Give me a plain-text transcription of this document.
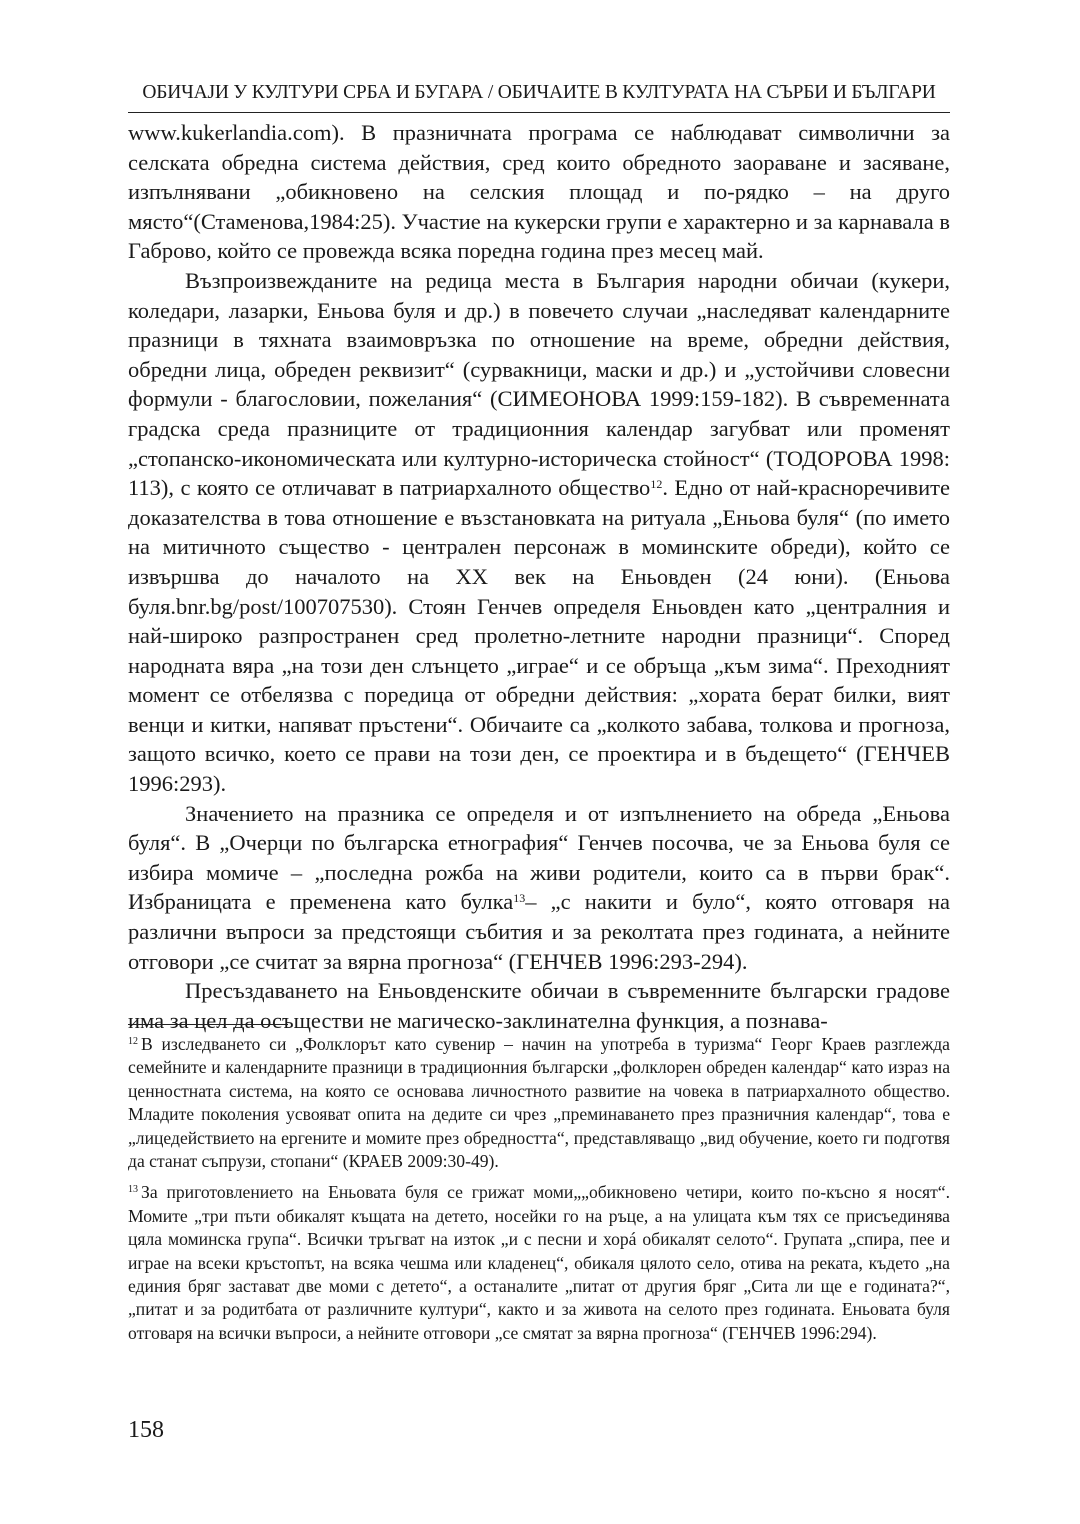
ОБИЧАЈИ У КУЛТУРИ СРБА И БУГАРА / ОБИЧАИТЕ В КУЛТУРАТА НА СЪРБИ И БЪЛГАРИ

www.kukerlandia.com). В празничната програма се наблюдават символични за селската обредна система действия, сред които обредното заораване и засяване, изпълнявани „обикновено на селския площад и по-рядко – на друго място“(Стаменова,1984:25). Участие на кукерски групи е характерно и за карнавала в Габрово, който се провежда всяка поредна година през месец май.

Възпроизвежданите на редица места в България народни обичаи (кукери, коледари, лазарки, Еньова буля и др.) в повечето случаи „наследяват календарните празници в тяхната взаимовръзка по отношение на време, обредни действия, обредни лица, обреден реквизит“ (сурвакници, маски и др.) и „устойчиви словесни формули - благословии, пожелания“ (СИМЕОНОВА 1999:159-182). В съвременната градска среда празниците от традиционния календар загубват или променят „стопанско-икономическата или културно-историческа стойност“ (ТОДОРОВА 1998: 113), с която се отличават в патриархалното общество$^{12}$. Едно от най-красноречивите доказателства в това отношение е възстановката на ритуала „Еньова буля“ (по името на митичното същество - централен персонаж в моминските обреди), който се извършва до началото на XX век на Еньовден (24 юни). (Еньова буля.bnr.bg/post/100707530). Стоян Генчев определя Еньовден като „централния и най-широко разпространен сред пролетно-летните народни празници“. Според народната вяра „на този ден слънцето „играе“ и се обръща „към зима“. Преходният момент се отбелязва с поредица от обредни действия: „хората берат билки, вият венци и китки, напяват пръстени“. Обичаите са „колкото забава, толкова и прогноза, защото всичко, което се прави на този ден, се проектира и в бъдещето“ (ГЕНЧЕВ 1996:293).

Значението на празника се определя и от изпълнението на обреда „Еньова буля“. В „Очерци по българска етнография“ Генчев посочва, че за Еньова буля се избира момиче – „последна рожба на живи родители, които са в първи брак“. Избраницата е пременена като булка$^{13}$– „с накити и було“, която отговаря на различни въпроси за предстоящи събития и за реколтата през годината, а нейните отговори „се считат за вярна прогноза“ (ГЕНЧЕВ 1996:293-294).

Пресъздаването на Еньовденските обичаи в съвременните български градове има за цел да осъществи не магическо-заклинателна функция, а познава-

$^{12}$ В изследването си „Фолклорът като сувенир – начин на употреба в туризма“ Георг Краев разглежда семейните и календарните празници в традиционния български „фолклорен обреден календар“ като израз на ценностната система, на която се основава личностното развитие на човека в патриархалното общество. Младите поколения усвояват опита на дедите си чрез „преминаването през празничния календар“, това е „лицедействието на ергените и момите през обредността“, представляващо „вид обучение, което ги подготвя да станат съпрузи, стопани“ (КРАЕВ 2009:30-49).

$^{13}$ За приготовлението на Еньовата буля се грижат моми„„обикновено четири, които по-късно я носят“. Момите „три пъти обикалят къщата на детето, носейки го на ръце, а на улицата към тях се присъединява цяла моминска група“. Всички тръгват на изток „и с песни и хорá обикалят селото“. Групата „спира, пее и играе на всеки кръстопът, на всяка чешма или кладенец“, обикаля цялото село, отива на реката, където „на единия бряг застават две моми с детето“, а останалите „питат от другия бряг „Сита ли ще е годината?“, „питат и за родитбата от различните култури“, както и за живота на селото през годината. Еньовата буля отговаря на всички въпроси, а нейните отговори „се смятат за вярна прогноза“ (ГЕНЧЕВ 1996:294).

158
